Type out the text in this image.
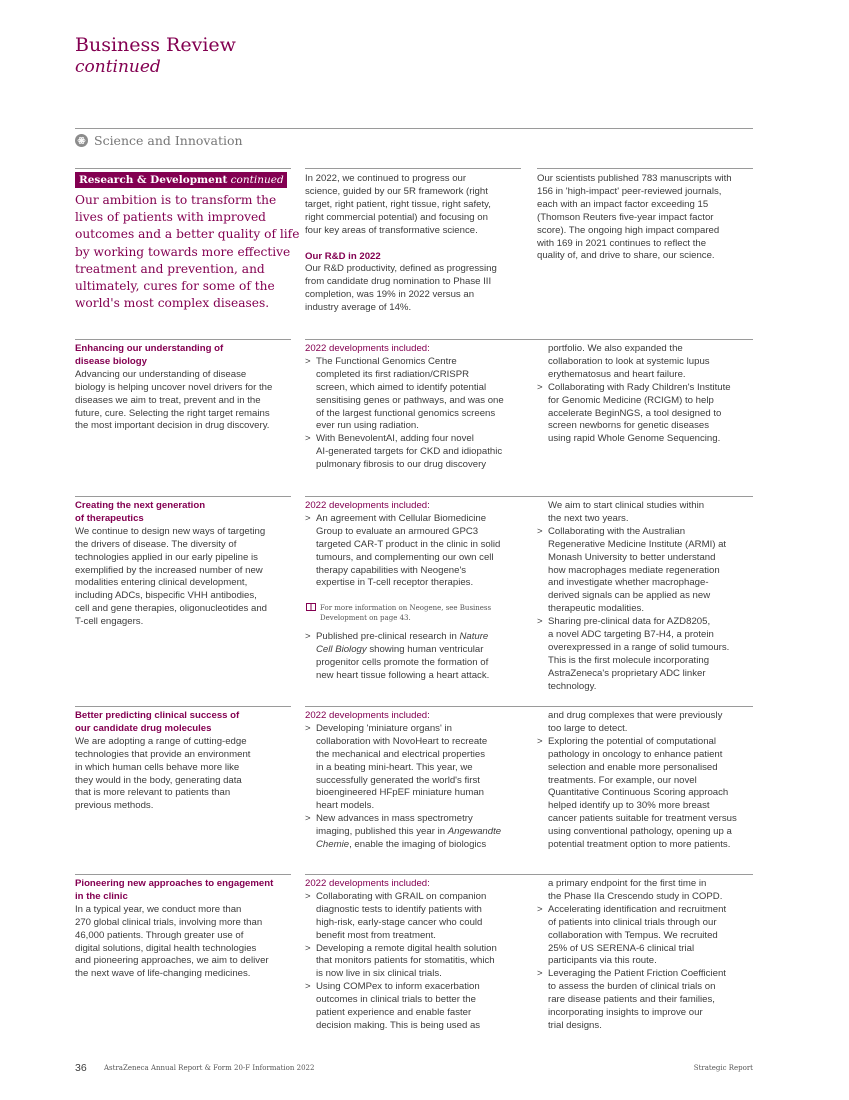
Business Review
continued
Science and Innovation
Research & Development continued
Our ambition is to transform the
lives of patients with improved
outcomes and a better quality of life
by working towards more effective
treatment and prevention, and
ultimately, cures for some of the
world's most complex diseases.
In 2022, we continued to progress our
science, guided by our 5R framework (right
target, right patient, right tissue, right safety,
right commercial potential) and focusing on
four key areas of transformative science.
Our R&D in 2022
Our R&D productivity, defined as progressing
from candidate drug nomination to Phase III
completion, was 19% in 2022 versus an
industry average of 14%.
Our scientists published 783 manuscripts with
156 in 'high-impact' peer-reviewed journals,
each with an impact factor exceeding 15
(Thomson Reuters five-year impact factor
score). The ongoing high impact compared
with 169 in 2021 continues to reflect the
quality of, and drive to share, our science.
Enhancing our understanding of
disease biology
Advancing our understanding of disease
biology is helping uncover novel drivers for the
diseases we aim to treat, prevent and in the
future, cure. Selecting the right target remains
the most important decision in drug discovery.
2022 developments included:
> The Functional Genomics Centre
completed its first radiation/CRISPR
screen, which aimed to identify potential
sensitising genes or pathways, and was one
of the largest functional genomics screens
ever run using radiation.
> With BenevolentAI, adding four novel
AI-generated targets for CKD and idiopathic
pulmonary fibrosis to our drug discovery
portfolio. We also expanded the
collaboration to look at systemic lupus
erythematosus and heart failure.
> Collaborating with Rady Children's Institute
for Genomic Medicine (RCIGM) to help
accelerate BeginNGS, a tool designed to
screen newborns for genetic diseases
using rapid Whole Genome Sequencing.
Creating the next generation
of therapeutics
We continue to design new ways of targeting
the drivers of disease. The diversity of
technologies applied in our early pipeline is
exemplified by the increased number of new
modalities entering clinical development,
including ADCs, bispecific VHH antibodies,
cell and gene therapies, oligonucleotides and
T-cell engagers.
2022 developments included:
> An agreement with Cellular Biomedicine
Group to evaluate an armoured GPC3
targeted CAR-T product in the clinic in solid
tumours, and complementing our own cell
therapy capabilities with Neogene's
expertise in T-cell receptor therapies.
For more information on Neogene, see Business
Development on page 43.
> Published pre-clinical research in Nature
Cell Biology showing human ventricular
progenitor cells promote the formation of
new heart tissue following a heart attack.
We aim to start clinical studies within
the next two years.
> Collaborating with the Australian
Regenerative Medicine Institute (ARMI) at
Monash University to better understand
how macrophages mediate regeneration
and investigate whether macrophage-
derived signals can be applied as new
therapeutic modalities.
> Sharing pre-clinical data for AZD8205,
a novel ADC targeting B7-H4, a protein
overexpressed in a range of solid tumours.
This is the first molecule incorporating
AstraZeneca's proprietary ADC linker
technology.
Better predicting clinical success of
our candidate drug molecules
We are adopting a range of cutting-edge
technologies that provide an environment
in which human cells behave more like
they would in the body, generating data
that is more relevant to patients than
previous methods.
2022 developments included:
> Developing 'miniature organs' in
collaboration with NovoHeart to recreate
the mechanical and electrical properties
in a beating mini-heart. This year, we
successfully generated the world's first
bioengineered HFpEF miniature human
heart models.
> New advances in mass spectrometry
imaging, published this year in Angewandte
Chemie, enable the imaging of biologics
and drug complexes that were previously
too large to detect.
> Exploring the potential of computational
pathology in oncology to enhance patient
selection and enable more personalised
treatments. For example, our novel
Quantitative Continuous Scoring approach
helped identify up to 30% more breast
cancer patients suitable for treatment versus
using conventional pathology, opening up a
potential treatment option to more patients.
Pioneering new approaches to engagement
in the clinic
In a typical year, we conduct more than
270 global clinical trials, involving more than
46,000 patients. Through greater use of
digital solutions, digital health technologies
and pioneering approaches, we aim to deliver
the next wave of life-changing medicines.
2022 developments included:
> Collaborating with GRAIL on companion
diagnostic tests to identify patients with
high-risk, early-stage cancer who could
benefit most from treatment.
> Developing a remote digital health solution
that monitors patients for stomatitis, which
is now live in six clinical trials.
> Using COMPex to inform exacerbation
outcomes in clinical trials to better the
patient experience and enable faster
decision making. This is being used as
a primary endpoint for the first time in
the Phase IIa Crescendo study in COPD.
> Accelerating identification and recruitment
of patients into clinical trials through our
collaboration with Tempus. We recruited
25% of US SERENA-6 clinical trial
participants via this route.
> Leveraging the Patient Friction Coefficient
to assess the burden of clinical trials on
rare disease patients and their families,
incorporating insights to improve our
trial designs.
36 AstraZeneca Annual Report & Form 20-F Information 2022	Strategic Report
